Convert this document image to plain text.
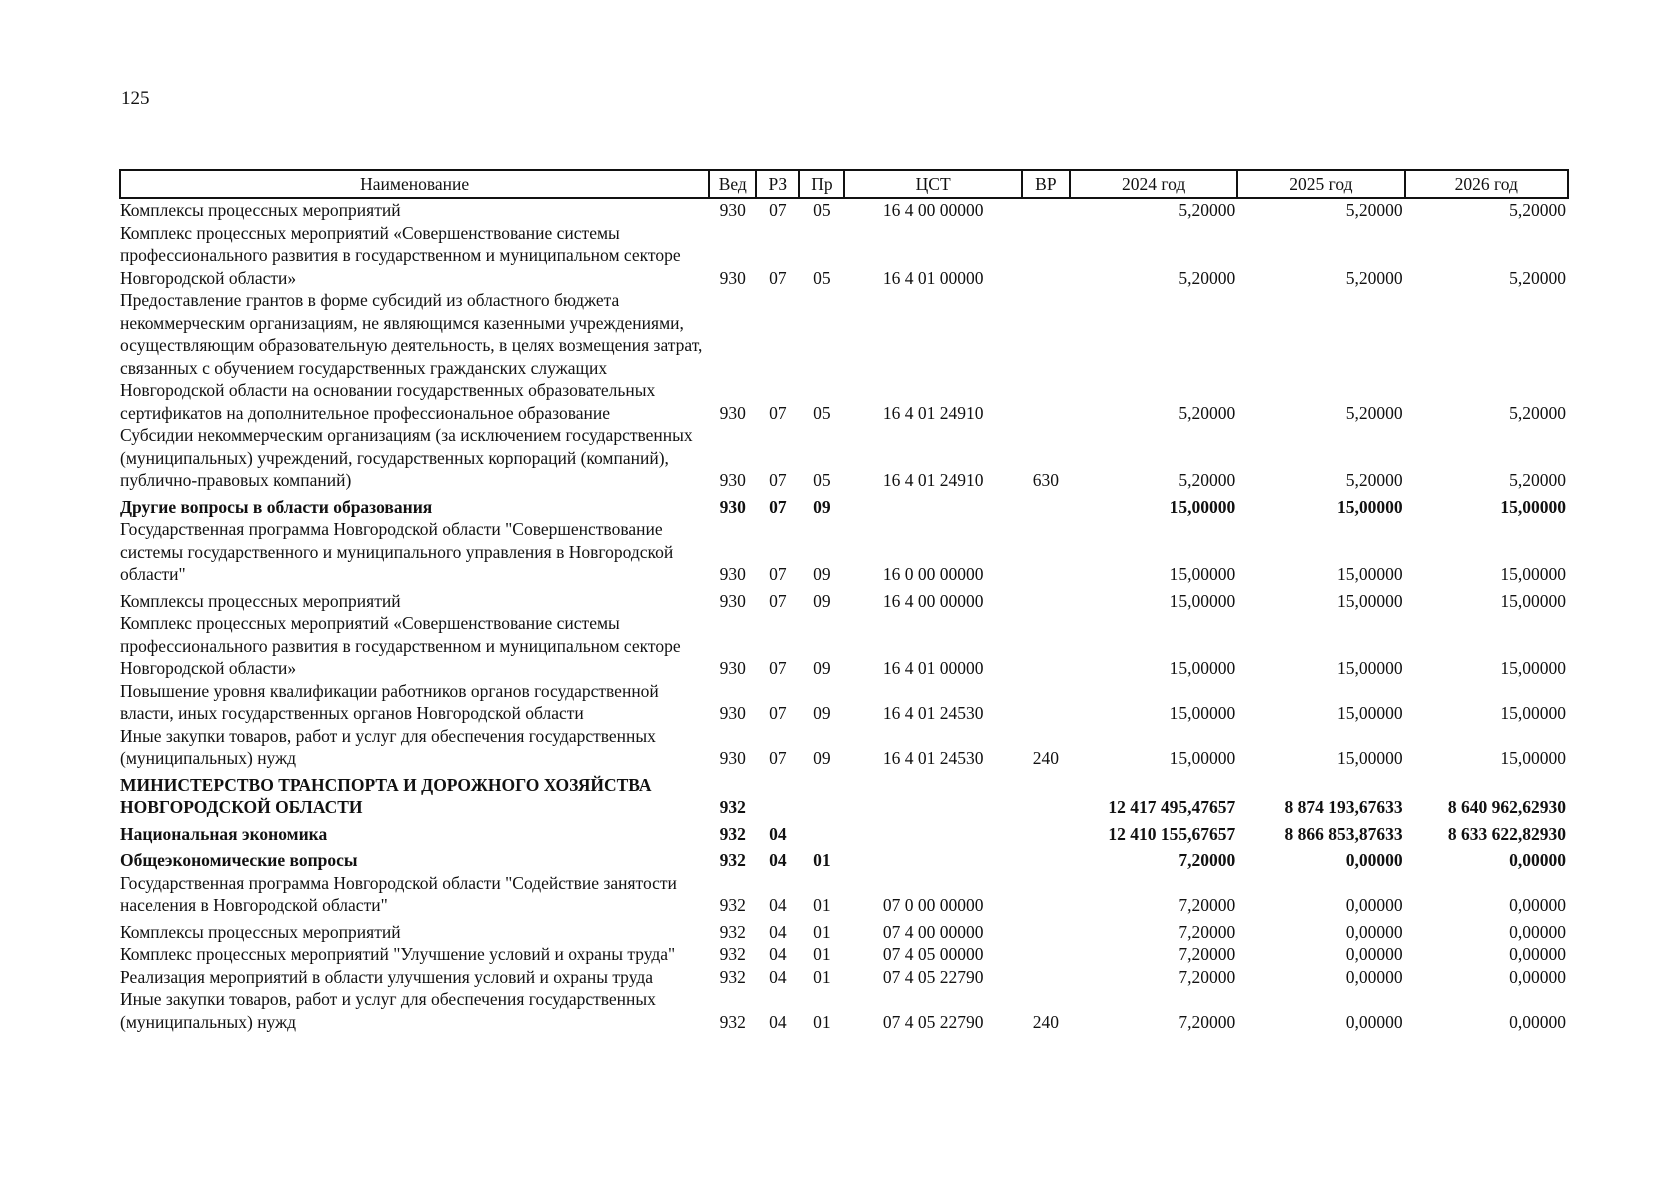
125
Наименование	Вед	РЗ	Пр	ЦСТ	ВР	2024 год	2025 год	2026 год
Комплексы процессных мероприятий	930	07	05	16 4 00 00000		5,20000	5,20000	5,20000
Комплекс процессных мероприятий «Совершенствование системы профессионального развития в государственном и муниципальном секторе Новгородской области»	930	07	05	16 4 01 00000		5,20000	5,20000	5,20000
Предоставление грантов в форме субсидий из областного бюджета некоммерческим организациям, не являющимся казенными учреждениями, осуществляющим образовательную деятельность, в целях возмещения затрат, связанных с обучением государственных гражданских служащих Новгородской области на основании государственных образовательных сертификатов на дополнительное профессиональное образование	930	07	05	16 4 01 24910		5,20000	5,20000	5,20000
Субсидии некоммерческим организациям (за исключением государственных (муниципальных) учреждений, государственных корпораций (компаний), публично-правовых компаний)	930	07	05	16 4 01 24910	630	5,20000	5,20000	5,20000
Другие вопросы в области образования	930	07	09			15,00000	15,00000	15,00000
Государственная программа Новгородской области "Совершенствование системы государственного и муниципального управления в Новгородской области"	930	07	09	16 0 00 00000		15,00000	15,00000	15,00000
Комплексы процессных мероприятий	930	07	09	16 4 00 00000		15,00000	15,00000	15,00000
Комплекс процессных мероприятий «Совершенствование системы профессионального развития в государственном и муниципальном секторе Новгородской области»	930	07	09	16 4 01 00000		15,00000	15,00000	15,00000
Повышение уровня квалификации работников органов государственной власти, иных государственных органов Новгородской области	930	07	09	16 4 01 24530		15,00000	15,00000	15,00000
Иные закупки товаров, работ и услуг для обеспечения государственных (муниципальных) нужд	930	07	09	16 4 01 24530	240	15,00000	15,00000	15,00000
МИНИСТЕРСТВО ТРАНСПОРТА И ДОРОЖНОГО ХОЗЯЙСТВА НОВГОРОДСКОЙ ОБЛАСТИ	932					12 417 495,47657	8 874 193,67633	8 640 962,62930
Национальная экономика	932	04				12 410 155,67657	8 866 853,87633	8 633 622,82930
Общеэкономические вопросы	932	04	01			7,20000	0,00000	0,00000
Государственная программа Новгородской области "Содействие занятости населения в Новгородской области"	932	04	01	07 0 00 00000		7,20000	0,00000	0,00000
Комплексы процессных мероприятий	932	04	01	07 4 00 00000		7,20000	0,00000	0,00000
Комплекс процессных мероприятий "Улучшение условий и охраны труда"	932	04	01	07 4 05 00000		7,20000	0,00000	0,00000
Реализация мероприятий в области улучшения условий и охраны труда	932	04	01	07 4 05 22790		7,20000	0,00000	0,00000
Иные закупки товаров, работ и услуг для обеспечения государственных (муниципальных) нужд	932	04	01	07 4 05 22790	240	7,20000	0,00000	0,00000
